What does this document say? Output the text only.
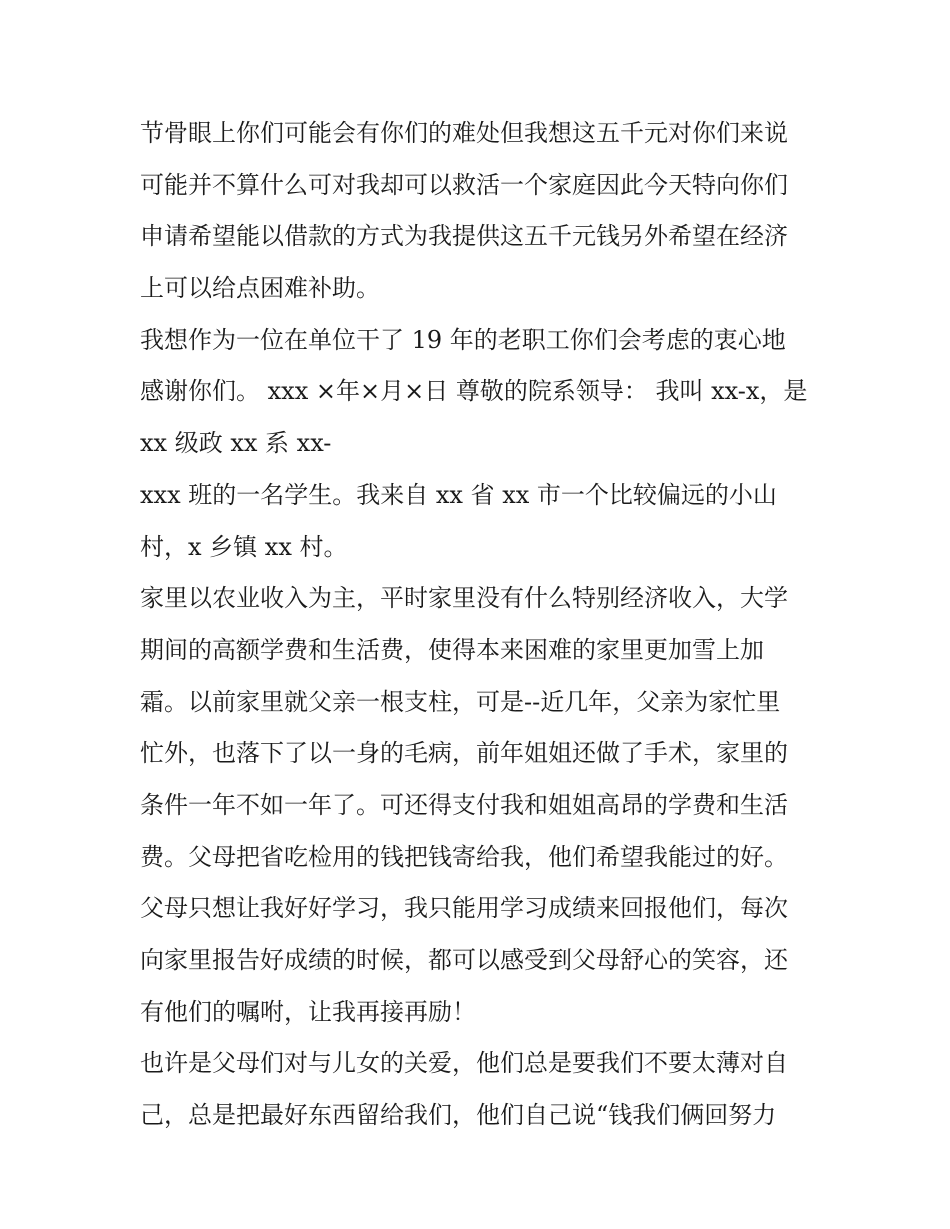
节骨眼上你们可能会有你们的难处但我想这五千元对你们来说
可能并不算什么可对我却可以救活一个家庭因此今天特向你们
申请希望能以借款的方式为我提供这五千元钱另外希望在经济
上可以给点困难补助。
我想作为一位在单位干了 19 年的老职工你们会考虑的衷心地
感谢你们。 xxx ×年×月×日 尊敬的院系领导： 我叫 xx-x，是
xx 级政 xx 系 xx-
xxx 班的一名学生。我来自 xx 省 xx 市一个比较偏远的小山
村，x 乡镇 xx 村。
家里以农业收入为主，平时家里没有什么特别经济收入，大学
期间的高额学费和生活费，使得本来困难的家里更加雪上加
霜。以前家里就父亲一根支柱，可是--近几年，父亲为家忙里
忙外，也落下了以一身的毛病，前年姐姐还做了手术，家里的
条件一年不如一年了。可还得支付我和姐姐高昂的学费和生活
费。父母把省吃检用的钱把钱寄给我，他们希望我能过的好。
父母只想让我好好学习，我只能用学习成绩来回报他们，每次
向家里报告好成绩的时候，都可以感受到父母舒心的笑容，还
有他们的嘱咐，让我再接再励！
也许是父母们对与儿女的关爱，他们总是要我们不要太薄对自
己，总是把最好东西留给我们，他们自己说“钱我们俩回努力
